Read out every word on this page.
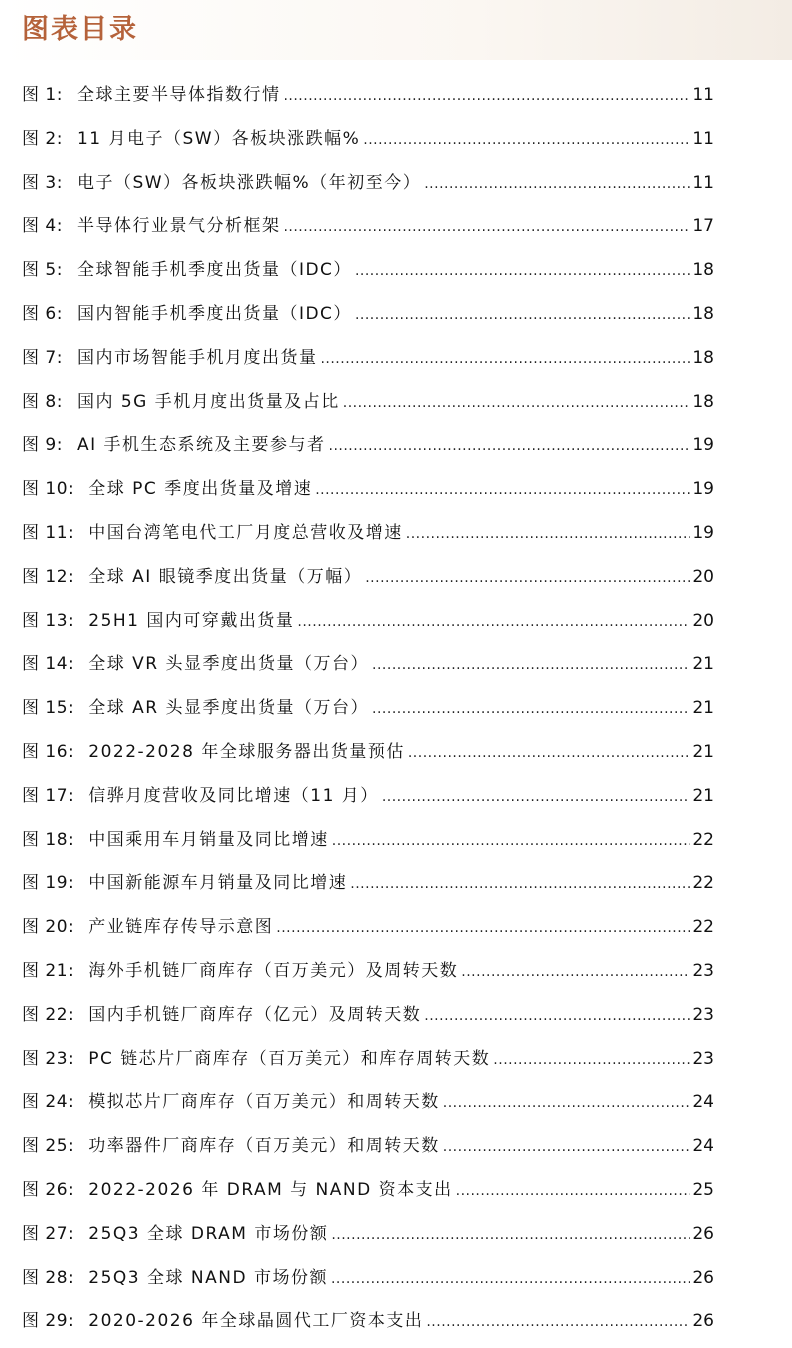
图表目录
图 1: 全球主要半导体指数行情 .....	11
图 2: 11 月电子（SW）各板块涨跌幅% .....	11
图 3: 电子（SW）各板块涨跌幅%（年初至今） .....	11
图 4: 半导体行业景气分析框架 .....	17
图 5: 全球智能手机季度出货量（IDC） .....	18
图 6: 国内智能手机季度出货量（IDC） .....	18
图 7: 国内市场智能手机月度出货量 .....	18
图 8: 国内 5G 手机月度出货量及占比 .....	18
图 9: AI 手机生态系统及主要参与者 .....	19
图 10: 全球 PC 季度出货量及增速 .....	19
图 11: 中国台湾笔电代工厂月度总营收及增速 .....	19
图 12: 全球 AI 眼镜季度出货量（万幅） .....	20
图 13: 25H1 国内可穿戴出货量 .....	20
图 14: 全球 VR 头显季度出货量（万台） .....	21
图 15: 全球 AR 头显季度出货量（万台） .....	21
图 16: 2022-2028 年全球服务器出货量预估 .....	21
图 17: 信骅月度营收及同比增速（11 月） .....	21
图 18: 中国乘用车月销量及同比增速 .....	22
图 19: 中国新能源车月销量及同比增速 .....	22
图 20: 产业链库存传导示意图 .....	22
图 21: 海外手机链厂商库存（百万美元）及周转天数 .....	23
图 22: 国内手机链厂商库存（亿元）及周转天数 .....	23
图 23: PC 链芯片厂商库存（百万美元）和库存周转天数 .....	23
图 24: 模拟芯片厂商库存（百万美元）和周转天数 .....	24
图 25: 功率器件厂商库存（百万美元）和周转天数 .....	24
图 26: 2022-2026 年 DRAM 与 NAND 资本支出 .....	25
图 27: 25Q3 全球 DRAM 市场份额 .....	26
图 28: 25Q3 全球 NAND 市场份额 .....	26
图 29: 2020-2026 年全球晶圆代工厂资本支出 .....	26
